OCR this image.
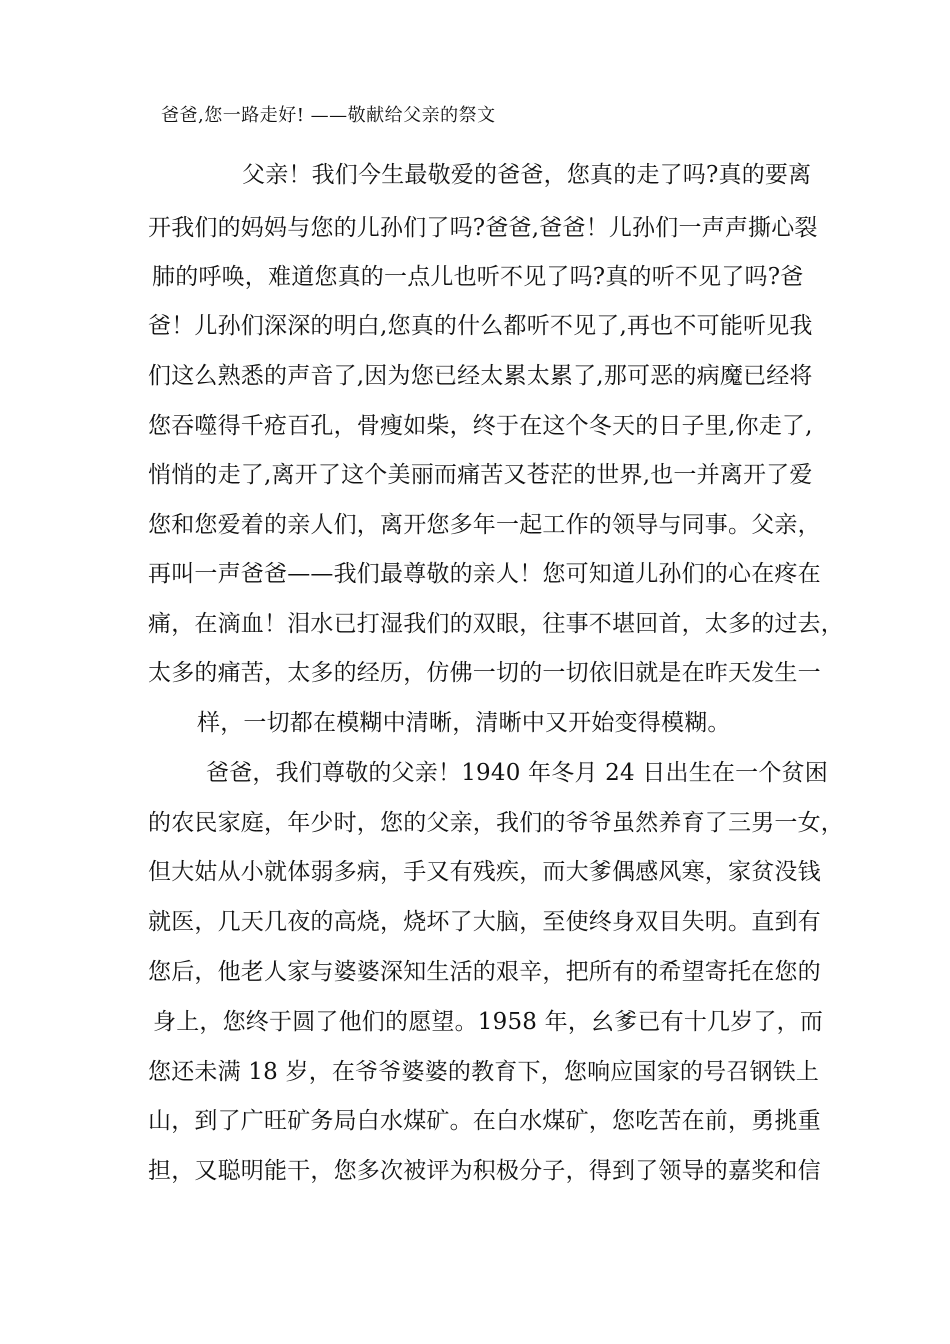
爸爸,您一路走好! ——敬献给父亲的祭文
父亲！我们今生最敬爱的爸爸，您真的走了吗?真的要离
开我们的妈妈与您的儿孙们了吗?爸爸,爸爸！儿孙们一声声撕心裂
肺的呼唤，难道您真的一点儿也听不见了吗?真的听不见了吗?爸
爸！儿孙们深深的明白,您真的什么都听不见了,再也不可能听见我
们这么熟悉的声音了,因为您已经太累太累了,那可恶的病魔已经将
您吞噬得千疮百孔，骨瘦如柴，终于在这个冬天的日子里,你走了,
悄悄的走了,离开了这个美丽而痛苦又苍茫的世界,也一并离开了爱
您和您爱着的亲人们，离开您多年一起工作的领导与同事。父亲，
再叫一声爸爸——我们最尊敬的亲人！您可知道儿孙们的心在疼在
痛，在滴血！泪水已打湿我们的双眼，往事不堪回首，太多的过去，
太多的痛苦，太多的经历，仿佛一切的一切依旧就是在昨天发生一
样，一切都在模糊中清晰，清晰中又开始变得模糊。
爸爸，我们尊敬的父亲！1940 年冬月 24 日出生在一个贫困
的农民家庭，年少时，您的父亲，我们的爷爷虽然养育了三男一女，
但大姑从小就体弱多病，手又有残疾，而大爹偶感风寒，家贫没钱
就医，几天几夜的高烧，烧坏了大脑，至使终身双目失明。直到有
您后，他老人家与婆婆深知生活的艰辛，把所有的希望寄托在您的
身上，您终于圆了他们的愿望。1958 年，幺爹已有十几岁了，而
您还未满 18 岁，在爷爷婆婆的教育下，您响应国家的号召钢铁上
山，到了广旺矿务局白水煤矿。在白水煤矿，您吃苦在前，勇挑重
担，又聪明能干，您多次被评为积极分子，得到了领导的嘉奖和信
